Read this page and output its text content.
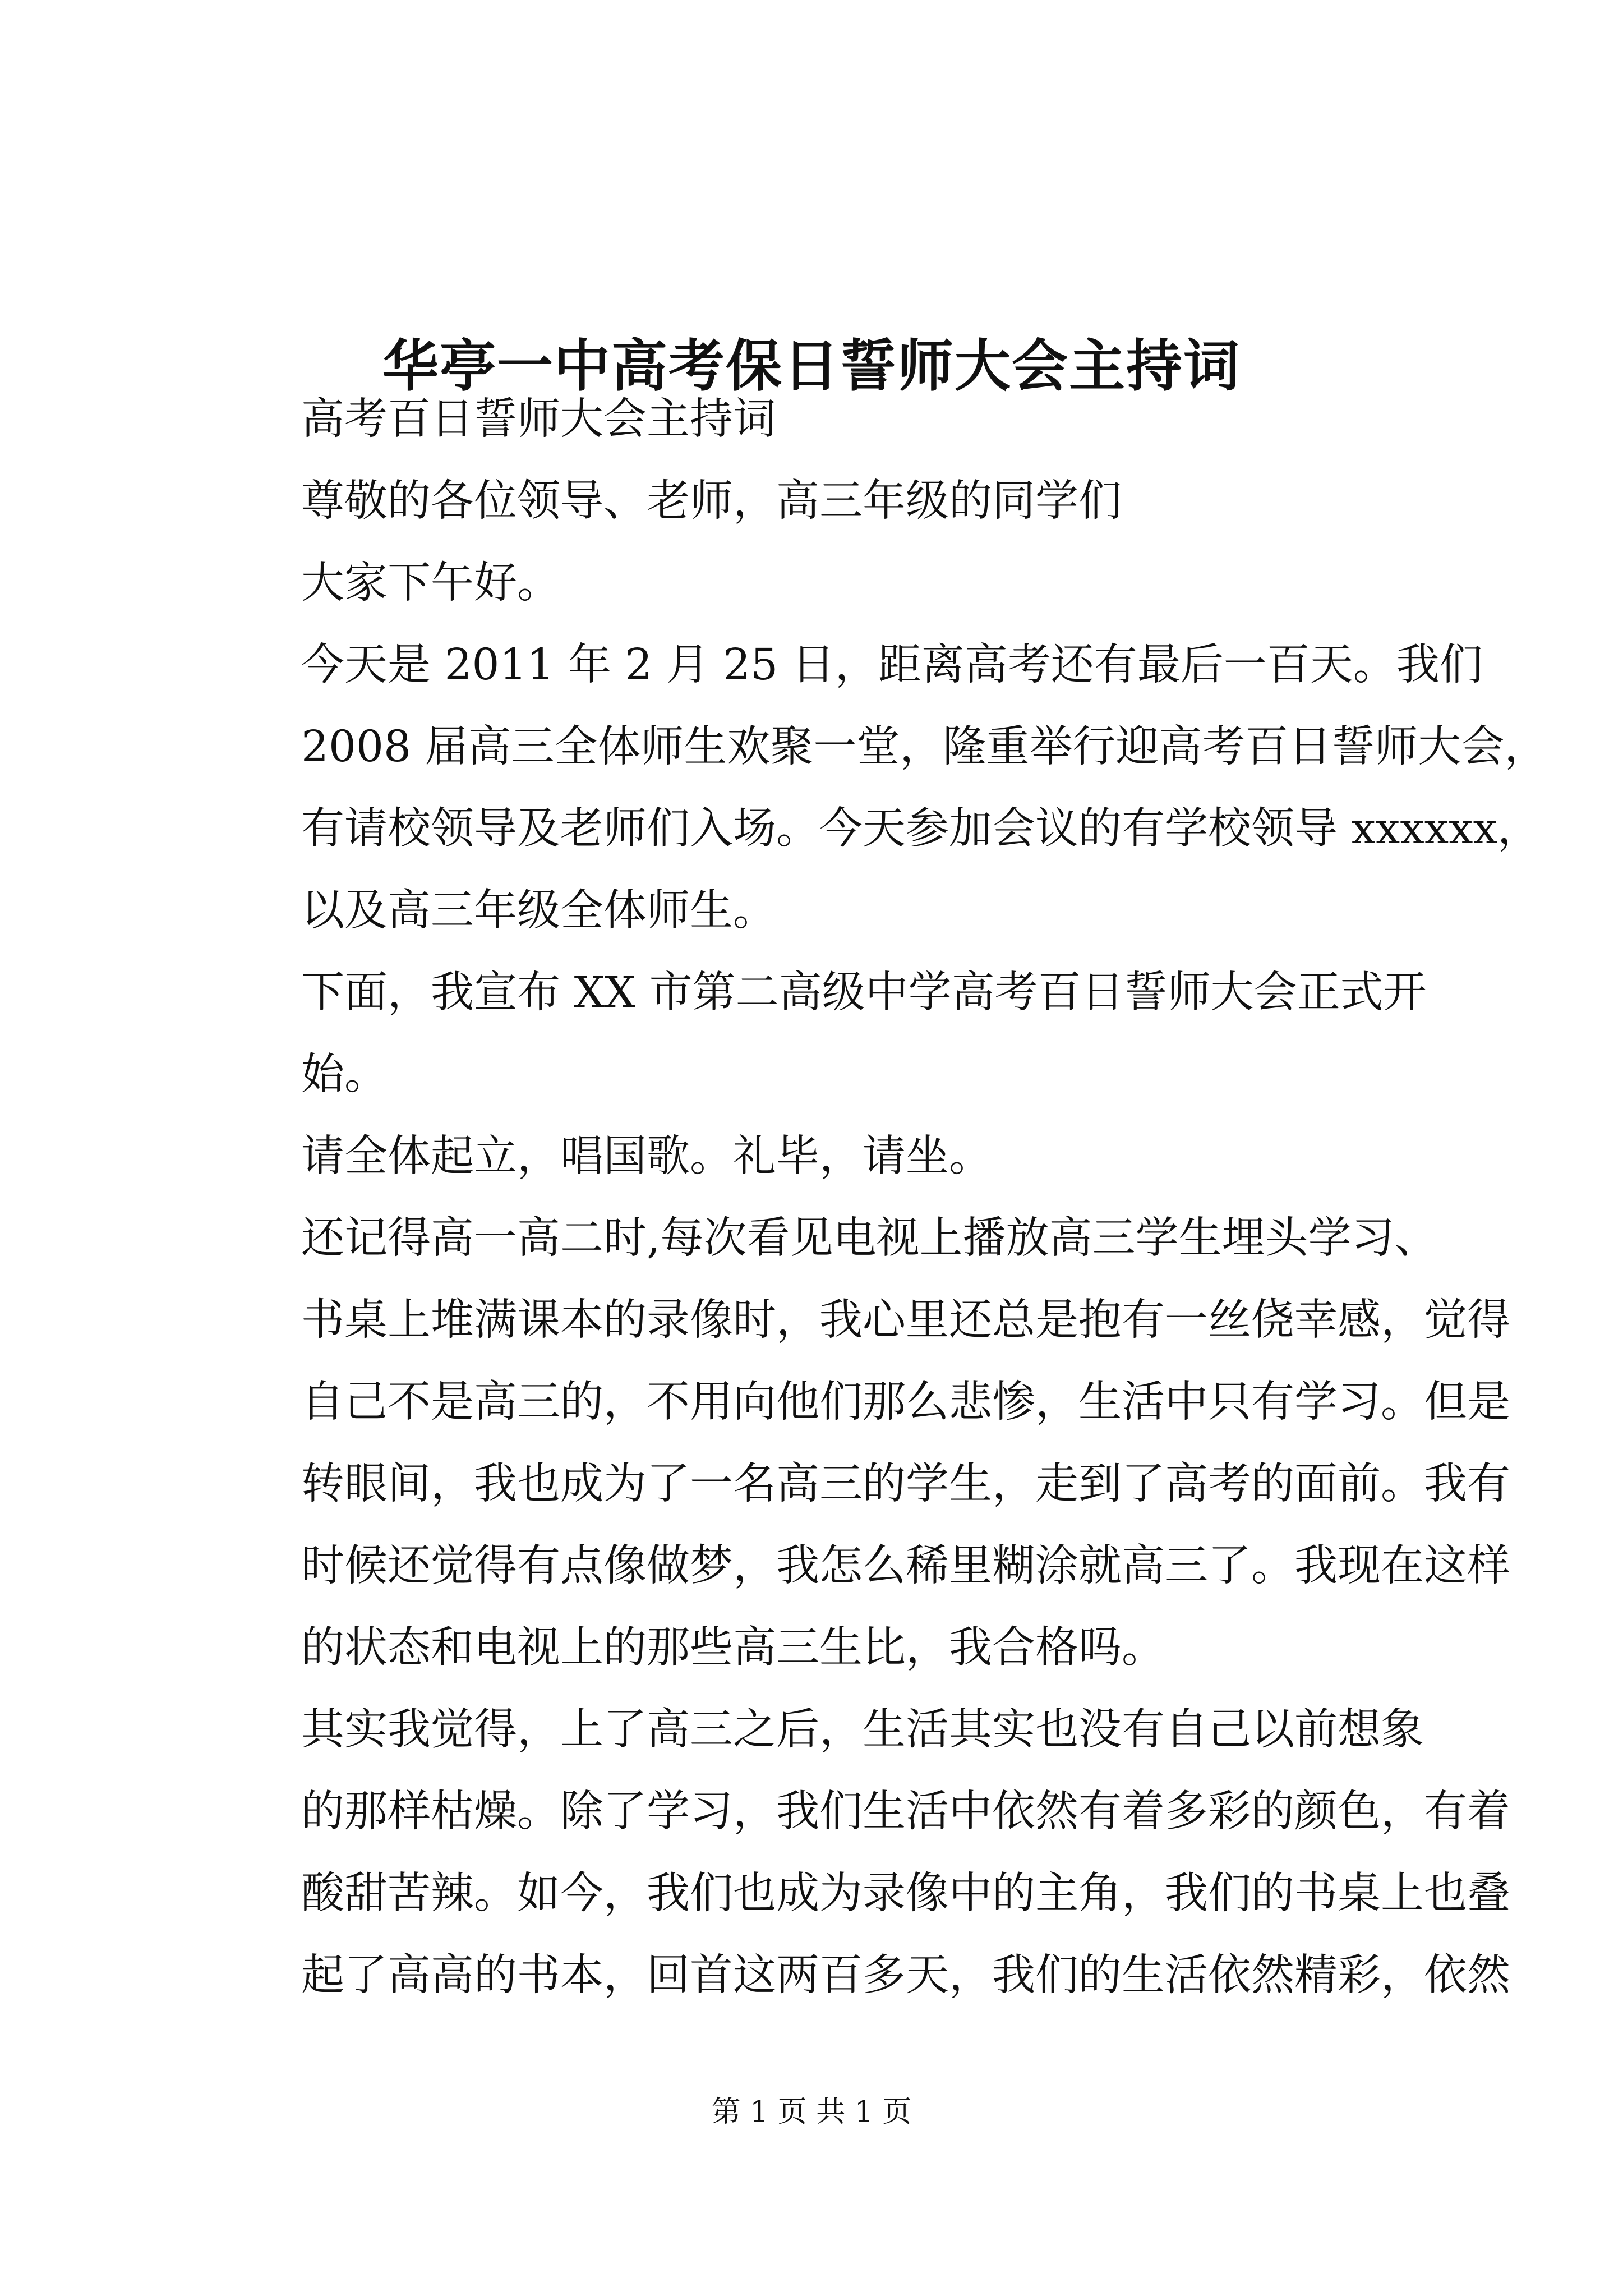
华亭一中高考保日誓师大会主持词

高考百日誓师大会主持词

尊敬的各位领导、老师，高三年级的同学们

大家下午好。

今天是 2011 年 2 月 25 日，距离高考还有最后一百天。我们
2008 届高三全体师生欢聚一堂，隆重举行迎高考百日誓师大会，
有请校领导及老师们入场。今天参加会议的有学校领导 xxxxxx，
以及高三年级全体师生。

下面，我宣布 XX 市第二高级中学高考百日誓师大会正式开
始。

请全体起立，唱国歌。礼毕，请坐。

还记得高一高二时,每次看见电视上播放高三学生埋头学习、
书桌上堆满课本的录像时，我心里还总是抱有一丝侥幸感，觉得
自己不是高三的，不用向他们那么悲惨，生活中只有学习。但是
转眼间，我也成为了一名高三的学生，走到了高考的面前。我有
时候还觉得有点像做梦，我怎么稀里糊涂就高三了。我现在这样
的状态和电视上的那些高三生比，我合格吗。

其实我觉得，上了高三之后，生活其实也没有自己以前想象
的那样枯燥。除了学习，我们生活中依然有着多彩的颜色，有着
酸甜苦辣。如今，我们也成为录像中的主角，我们的书桌上也叠
起了高高的书本，回首这两百多天，我们的生活依然精彩，依然

第 1 页 共 1 页
